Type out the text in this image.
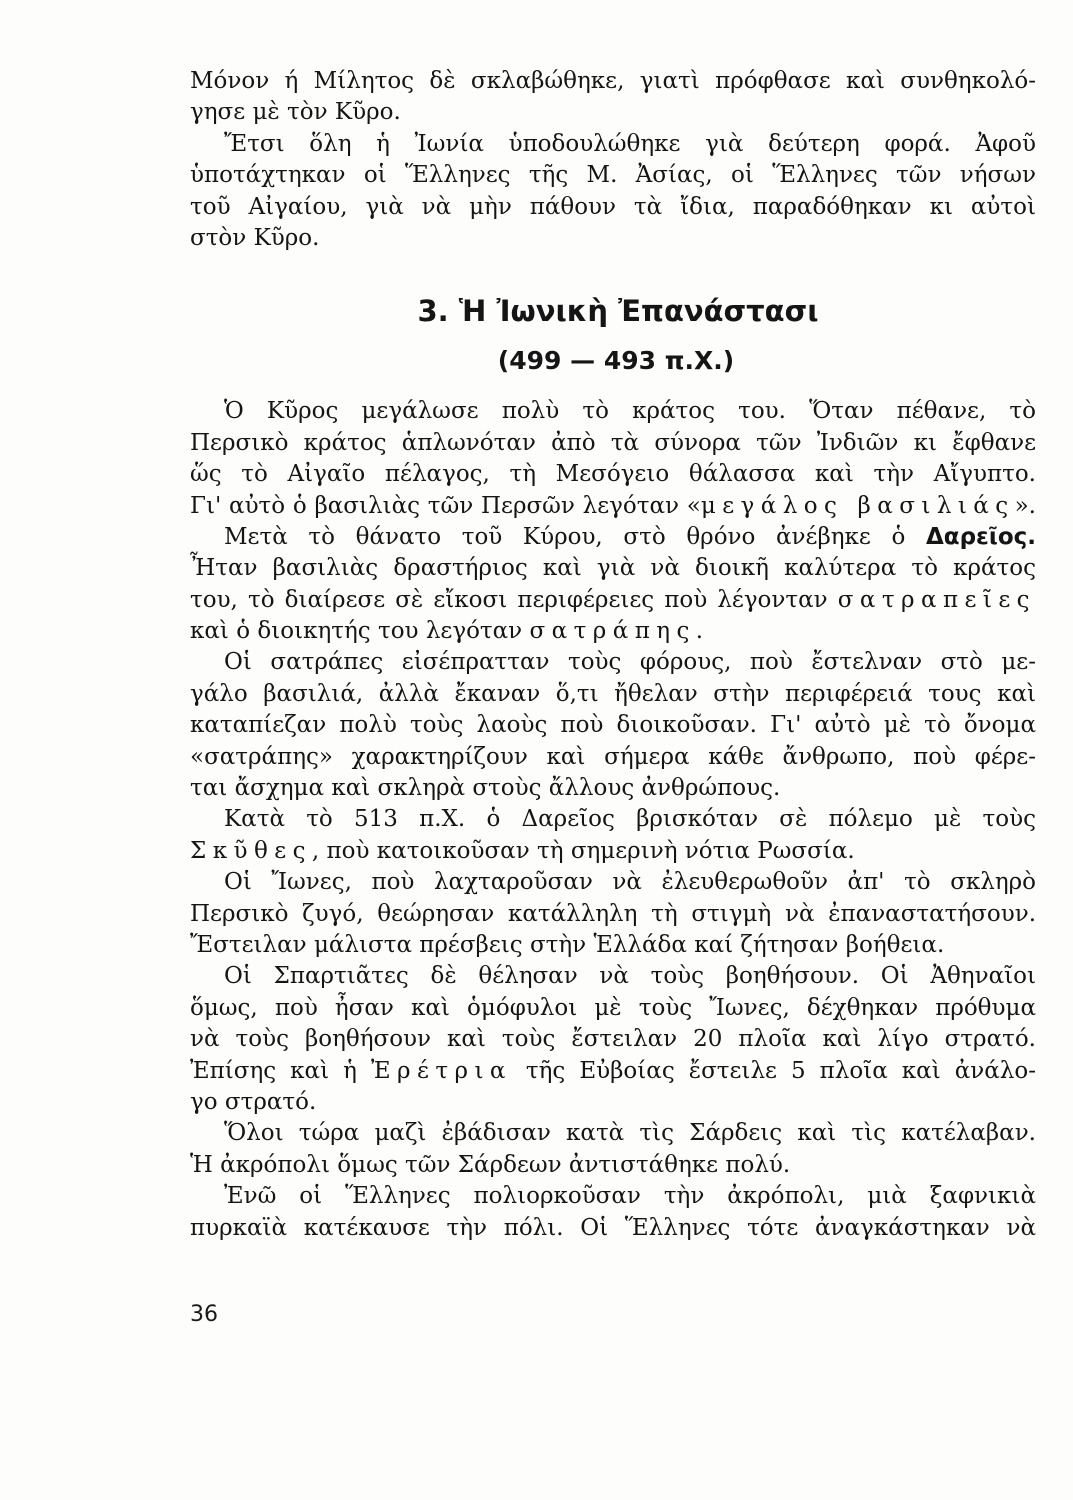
Μόνον ή Μίλητος δὲ σκλαβώθηκε, γιατὶ πρόφθασε καὶ συνθηκολό-
γησε μὲ τὸν Κῦρο.
Ἔτσι ὅλη ἡ Ἰωνία ὑποδουλώθηκε γιὰ δεύτερη φορά. Ἀφοῦ
ὑποτάχτηκαν οἱ Ἕλληνες τῆς Μ. Ἀσίας, οἱ Ἕλληνες τῶν νήσων
τοῦ Αἰγαίου, γιὰ νὰ μὴν πάθουν τὰ ἴδια, παραδόθηκαν κι αὐτοὶ
στὸν Κῦρο.
3. Ἡ Ἰωνικὴ Ἐπανάστασι
(499 — 493 π.Χ.)
Ὁ Κῦρος μεγάλωσε πολὺ τὸ κράτος του. Ὅταν πέθανε, τὸ
Περσικὸ κράτος ἁπλωνόταν ἀπὸ τὰ σύνορα τῶν Ἰνδιῶν κι ἔφθανε
ὥς τὸ Αἰγαῖο πέλαγος, τὴ Μεσόγειο θάλασσα καὶ τὴν Αἴγυπτο.
Γι' αὐτὸ ὁ βασιλιὰς τῶν Περσῶν λεγόταν «μεγάλος βασιλιάς».
Μετὰ τὸ θάνατο τοῦ Κύρου, στὸ θρόνο ἀνέβηκε ὁ Δαρεῖος.
Ἦταν βασιλιὰς δραστήριος καὶ γιὰ νὰ διοικῆ καλύτερα τὸ κράτος
του, τὸ διαίρεσε σὲ εἴκοσι περιφέρειες ποὺ λέγονταν σατραπεῖες
καὶ ὁ διοικητής του λεγόταν σατράπης.
Οἱ σατράπες εἰσέπρατταν τοὺς φόρους, ποὺ ἔστελναν στὸ με-
γάλο βασιλιά, ἀλλὰ ἔκαναν ὅ,τι ἤθελαν στὴν περιφέρειά τους καὶ
καταπίεζαν πολὺ τοὺς λαοὺς ποὺ διοικοῦσαν. Γι' αὐτὸ μὲ τὸ ὄνομα
«σατράπης» χαρακτηρίζουν καὶ σήμερα κάθε ἄνθρωπο, ποὺ φέρε-
ται ἄσχημα καὶ σκληρὰ στοὺς ἄλλους ἀνθρώπους.
Κατὰ τὸ 513 π.Χ. ὁ Δαρεῖος βρισκόταν σὲ πόλεμο μὲ τοὺς
Σκῦθες, ποὺ κατοικοῦσαν τὴ σημερινὴ νότια Ρωσσία.
Οἱ Ἴωνες, ποὺ λαχταροῦσαν νὰ ἐλευθερωθοῦν ἀπ' τὸ σκληρὸ
Περσικὸ ζυγό, θεώρησαν κατάλληλη τὴ στιγμὴ νὰ ἐπαναστατήσουν.
Ἔστειλαν μάλιστα πρέσβεις στὴν Ἑλλάδα καί ζήτησαν βοήθεια.
Οἱ Σπαρτιᾶτες δὲ θέλησαν νὰ τοὺς βοηθήσουν. Οἱ Ἀθηναῖοι
ὅμως, ποὺ ἦσαν καὶ ὁμόφυλοι μὲ τοὺς Ἴωνες, δέχθηκαν πρόθυμα
νὰ τοὺς βοηθήσουν καὶ τοὺς ἔστειλαν 20 πλοῖα καὶ λίγο στρατό.
Ἐπίσης καὶ ἡ Ἐρέτρια τῆς Εὐβοίας ἔστειλε 5 πλοῖα καὶ ἀνάλο-
γο στρατό.
Ὅλοι τώρα μαζὶ ἐβάδισαν κατὰ τὶς Σάρδεις καὶ τὶς κατέλαβαν.
Ἡ ἀκρόπολι ὅμως τῶν Σάρδεων ἀντιστάθηκε πολύ.
Ἐνῶ οἱ Ἕλληνες πολιορκοῦσαν τὴν ἀκρόπολι, μιὰ ξαφνικιὰ
πυρκαϊὰ κατέκαυσε τὴν πόλι. Οἱ Ἕλληνες τότε ἀναγκάστηκαν νὰ
36
